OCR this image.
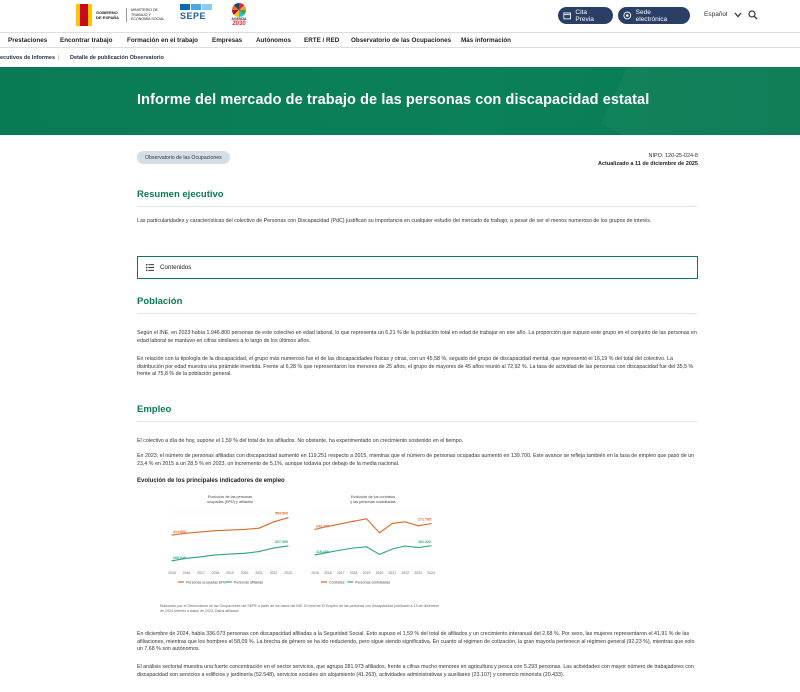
GOBIERNO DE ESPAÑA
MINISTERIO DE TRABAJO Y ECONOMÍA SOCIAL SEPE	AGENDA
2030
Cita Previa
Sede electrónica
Español
Prestaciones Encontrar trabajo Formación en el trabajo Empresas Autónomos ERTE / RED Observatorio de las Ocupaciones Más información
ecutivos de Informes | Detalle de publicación Observatorio
Informe del mercado de trabajo de las personas con discapacidad estatal
Observatorio de las Ocupaciones	NIPO: 120-25-024-8
Actualizado a 11 de diciembre de 2025
Resumen ejecutivo
Las particularidades y características del colectivo de Personas con Discapacidad (PdC) justifican su importancia en cualquier estudio del mercado de trabajo, a pesar de ser el menos numeroso de los grupos de interés.
Contenidos
Población
Según el INE, en 2023 había 1.946.800 personas de este colectivo en edad laboral, lo que representa un 6,21 % de la población total en edad de trabajar en ese año. La proporción que supuso este grupo en el conjunto de las personas en edad laboral se mantuvo en cifras similares a lo largo de los últimos años.
En relación con la tipología de la discapacidad, el grupo más numeroso fue el de las discapacidades físicas y otras, con un 45,58 %, seguido del grupo de discapacidad mental, que representó el 16,19 % del total del colectivo. La distribución por edad muestra una pirámide invertida. Frente al 6,28 % que representaron los menores de 25 años, el grupo de mayores de 45 años reunió al 72,92 %. La tasa de actividad de las personas con discapacidad fue del 35,5 % frente al 75,8 % de la población general.
Empleo
El colectivo a día de hoy, supone el 1,59 % del total de los afiliados. No obstante, ha experimentado un crecimiento sostenido en el tiempo.
En 2023, el número de personas afiliadas con discapacidad aumentó en 119.251 respecto a 2015, mientras que el número de personas ocupadas aumentó en 139.700. Este avance se refleja también en la tasa de empleo que pasó de un 23,4 % en 2015 a un 28,5 % en 2023, un incremento de 5,1%, aunque todavía por debajo de la media nacional.
Evolución de los principales indicadores de empleo
Evolución de las personas
ocupadas (EPD) y afiliados
414.800
208.049
554.500
327.300
2016 2016 2017 2018 2019 2020 2021 2022 2023
Personas ocupadas EPD Personas afiliadas
Evolución de los contratos
y las personas contratadas
243.207
115.400
271.785
161.222
2015 2016 2017 2018 2019 2020 2021 2022 2023 2024
Contratos	Personas contratadas
Elaborado por el Observatorio de las Ocupaciones del SEPE a partir de los datos del INE. El Informe El Empleo de las personas con discapacidad publicado a 13 de diciembre de 2024 referido a datos de 2023. Datos afiliados
En diciembre de 2024, había 336.073 personas con discapacidad afiliadas a la Seguridad Social. Esto supuso el 1,59 % del total de afiliados y un crecimiento interanual del 2,68 %. Por sexo, las mujeres representaron el 41,91 % de las afiliaciones, mientras que los hombres el 58,09 %. La brecha de género se ha ido reduciendo, pero sigue siendo significativa. En cuanto al régimen de cotización, la gran mayoría pertenece al régimen general (92,23 %), mientras que solo un 7,68 % son autónomos.
El análisis sectorial muestra una fuerte concentración en el sector servicios, que agrupa 281.973 afiliados, frente a cifras mucho menores en agricultura y pesca con 5.293 personas. Las actividades con mayor número de trabajadores con discapacidad son servicios a edificios y jardinería (52.548), servicios sociales sin alojamiento (41.263), actividades administrativas y auxiliares (23.107) y comercio minorista (20.433).
